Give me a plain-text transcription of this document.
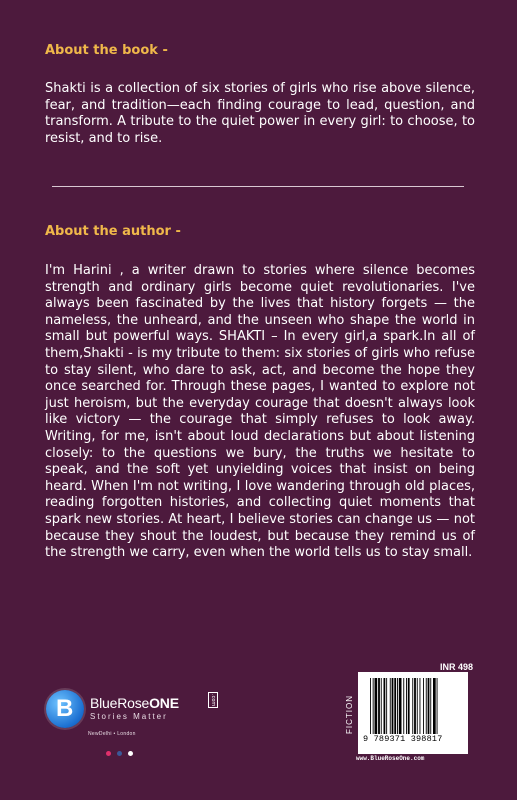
About the book -

Shakti is a collection of six stories of girls who rise above silence, fear, and tradition—each finding courage to lead, question, and transform. A tribute to the quiet power in every girl: to choose, to resist, and to rise.

About the author -

I'm Harini , a writer drawn to stories where silence becomes strength and ordinary girls become quiet revolutionaries. I've always been fascinated by the lives that history forgets — the nameless, the unheard, and the unseen who shape the world in small but powerful ways. SHAKTI – In every girl,a spark.In all of them,Shakti - is my tribute to them: six stories of girls who refuse to stay silent, who dare to ask, act, and become the hope they once searched for. Through these pages, I wanted to explore not just heroism, but the everyday courage that doesn't always look like victory — the courage that simply refuses to look away. Writing, for me, isn't about loud declarations but about listening closely: to the questions we bury, the truths we hesitate to speak, and the soft yet unyielding voices that insist on being heard. When I'm not writing, I love wandering through old places, reading forgotten histories, and collecting quiet moments that spark new stories. At heart, I believe stories can change us — not because they shout the loudest, but because they remind us of the strength we carry, even when the world tells us to stay small.

B BlueRoseONE	.com
Stories Matter
NewDelhi • London

INR 498
FICTION
9 789371 398817
www.BlueRoseOne.com
